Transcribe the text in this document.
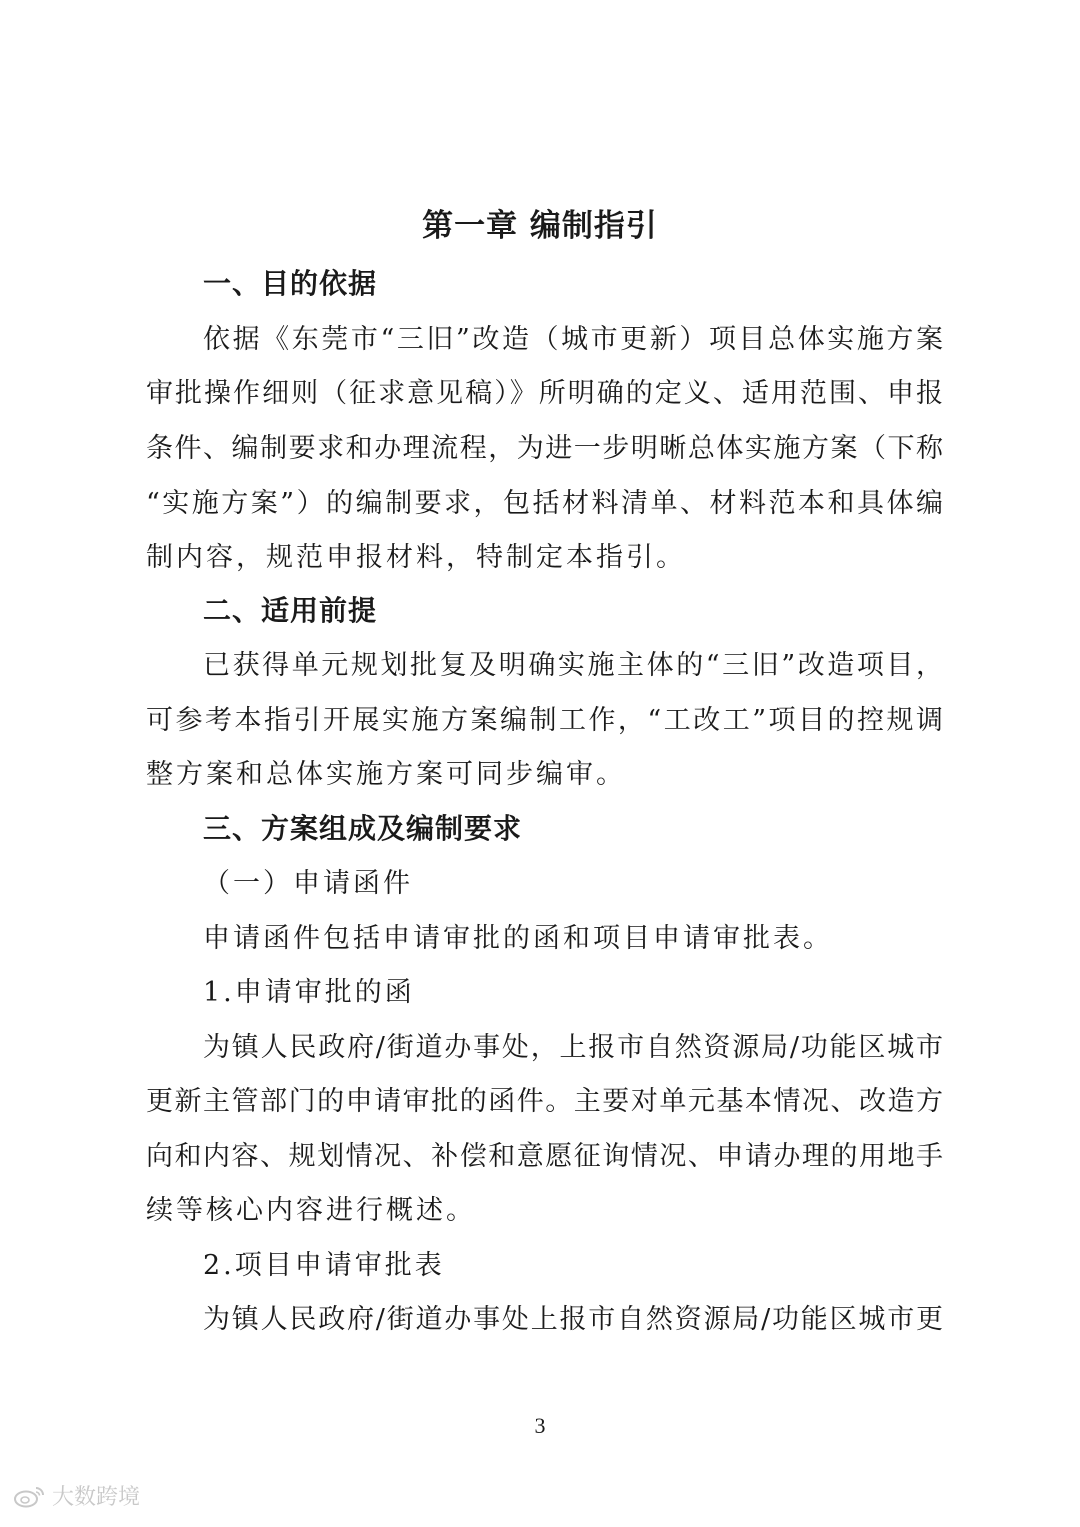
第一章 编制指引
一、目的依据
依据《东莞市“三旧”改造（城市更新）项目总体实施方案
审批操作细则（征求意见稿）》所明确的定义、适用范围、申报
条件、编制要求和办理流程，为进一步明晰总体实施方案（下称
“实施方案”）的编制要求，包括材料清单、材料范本和具体编
制内容，规范申报材料，特制定本指引。
二、适用前提
已获得单元规划批复及明确实施主体的“三旧”改造项目，
可参考本指引开展实施方案编制工作，“工改工”项目的控规调
整方案和总体实施方案可同步编审。
三、方案组成及编制要求
（一）申请函件
申请函件包括申请审批的函和项目申请审批表。
1.申请审批的函
为镇人民政府/街道办事处，上报市自然资源局/功能区城市
更新主管部门的申请审批的函件。主要对单元基本情况、改造方
向和内容、规划情况、补偿和意愿征询情况、申请办理的用地手
续等核心内容进行概述。
2.项目申请审批表
为镇人民政府/街道办事处上报市自然资源局/功能区城市更
3
大数跨境
